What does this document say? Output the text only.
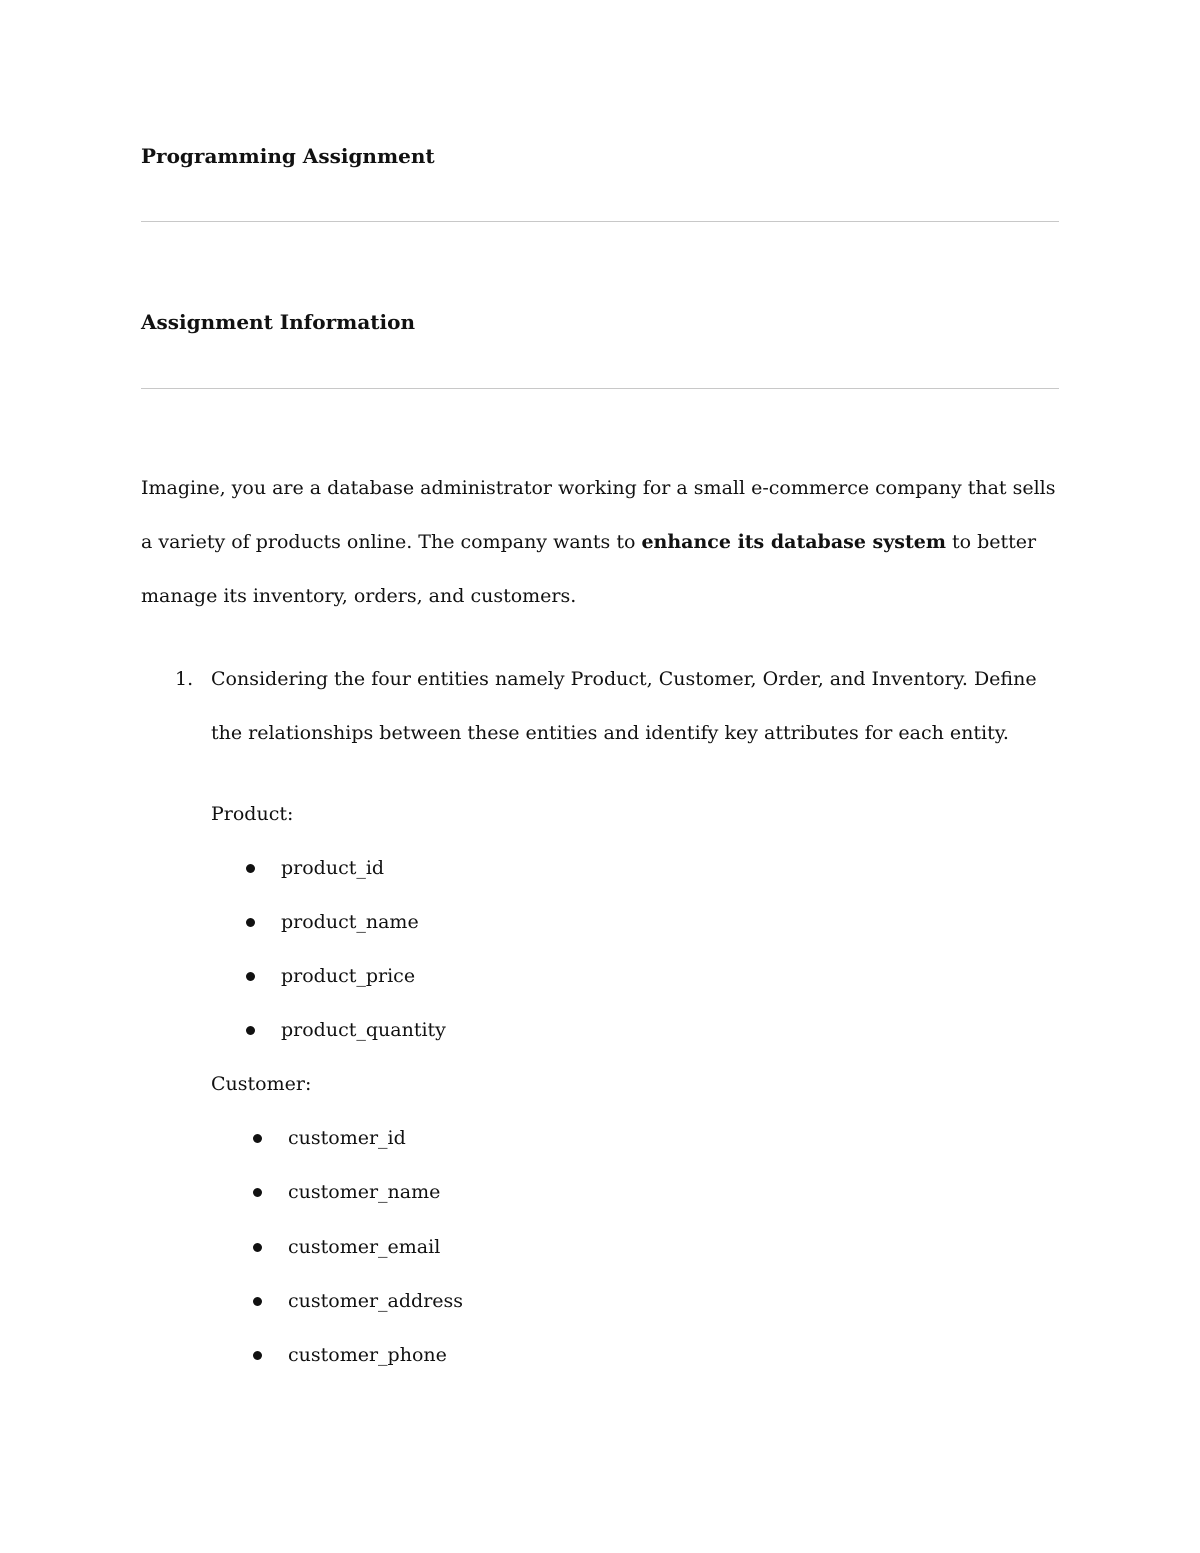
Programming Assignment
Assignment Information

Imagine, you are a database administrator working for a small e-commerce company that sells a variety of products online. The company wants to enhance its database system to better manage its inventory, orders, and customers.

1. Considering the four entities namely Product, Customer, Order, and Inventory. Define the relationships between these entities and identify key attributes for each entity.

Product:
product_id
product_name
product_price
product_quantity
Customer:
customer_id
customer_name
customer_email
customer_address
customer_phone
